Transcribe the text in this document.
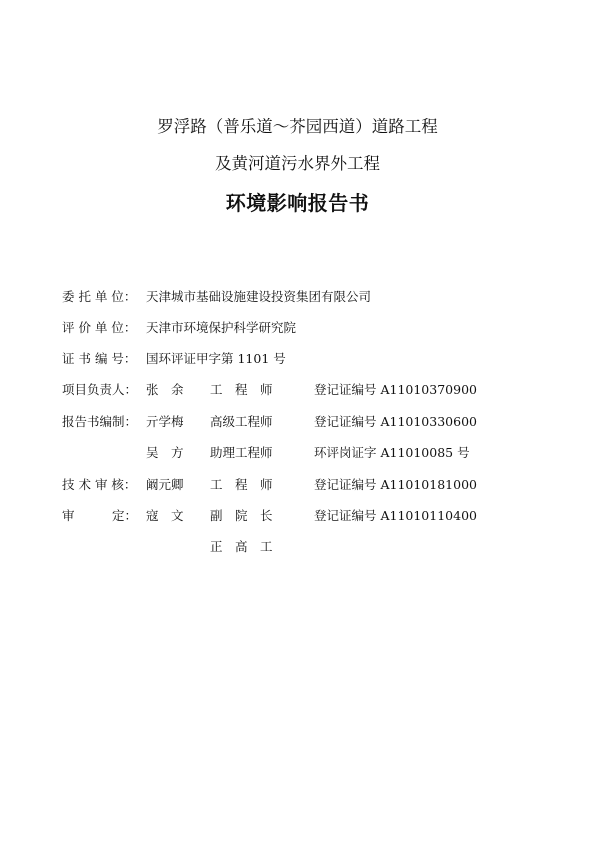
罗浮路（普乐道～芥园西道）道路工程
及黄河道污水界外工程
环境影响报告书
委 托 单 位： 天津城市基础设施建设投资集团有限公司
评 价 单 位： 天津市环境保护科学研究院
证 书 编 号： 国环评证甲字第 1101 号
项目负责人： 张　余 工　程　师	登记证编号 A11010370900
报告书编制： 亓学梅 高级工程师	登记证编号 A11010330600
吴　方 助理工程师	环评岗证字 A11010085 号
技 术 审 核： 阚元卿 工　程　师	登记证编号 A11010181000
审　　　定： 寇　文 副　院　长	登记证编号 A11010110400
正　高　工
